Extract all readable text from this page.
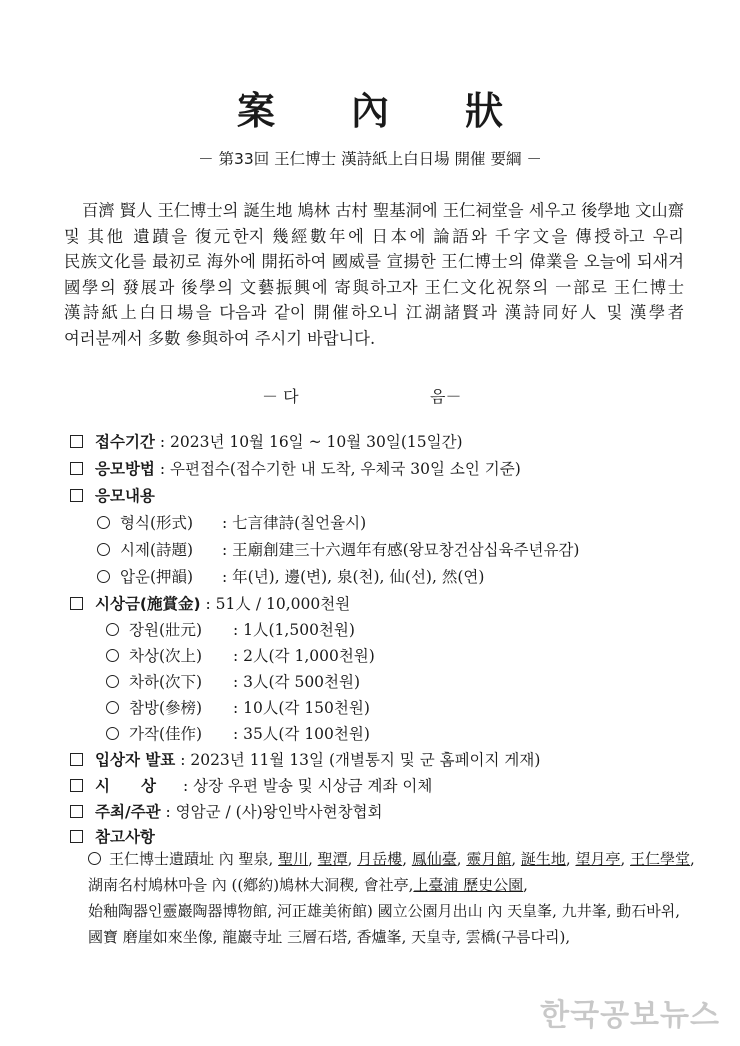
案 內 狀
－ 第33回 王仁博士 漢詩紙上白日場 開催 要綱 －
百濟 賢人 王仁博士의 誕生地 鳩林 古村 聖基洞에 王仁祠堂을 세우고 後學地 文山齋 및 其他 遺蹟을 復元한지 幾經數年에 日本에 論語와 千字文을 傳授하고 우리 民族文化를 最初로 海外에 開拓하여 國威를 宣揚한 王仁博士의 偉業을 오늘에 되새겨 國學의 發展과 後學의 文藝振興에 寄與하고자 王仁文化祝祭의 一部로 王仁博士 漢詩紙上白日場을 다음과 같이 開催하오니 江湖諸賢과 漢詩同好人 및 漢學者 여러분께서 多數 參與하여 주시기 바랍니다.
－ 다	음－
접수기간 : 2023년 10월 16일 ~ 10월 30일(15일간)
응모방법 : 우편접수(접수기한 내 도착, 우체국 30일 소인 기준)
응모내용
형식(形式) : 七言律詩(칠언율시)
시제(詩題) : 王廟創建三十六週年有感(왕묘창건삼십육주년유감)
압운(押韻) : 年(년), 邊(변), 泉(천), 仙(선), 然(연)
시상금(施賞金) : 51人 / 10,000천원
장원(壯元) : 1人(1,500천원)
차상(次上) : 2人(각 1,000천원)
차하(次下) : 3人(각 500천원)
참방(參榜) : 10人(각 150천원)
가작(佳作) : 35人(각 100천원)
입상자 발표 : 2023년 11월 13일 (개별통지 및 군 홈페이지 게재)
시　　상 : 상장 우편 발송 및 시상금 계좌 이체
주최/주관 : 영암군 / (사)왕인박사현창협회
참고사항
王仁博士遺蹟址 內 聖泉, 聖川, 聖潭, 月岳樓, 鳳仙臺, 靈月館, 誕生地, 望月亭, 王仁學堂, 湖南名村鳩林마을 內 ((鄕約)鳩林大洞稧, 會社亭,上臺浦 歷史公園, 始釉陶器인靈巖陶器博物館, 河正雄美術館) 國立公園月出山 內 天皇峯, 九井峯, 動石바위, 國寶 磨崖如來坐像, 龍巖寺址 三層石塔, 香爐峯, 天皇寺, 雲橋(구름다리),
한국공보뉴스
